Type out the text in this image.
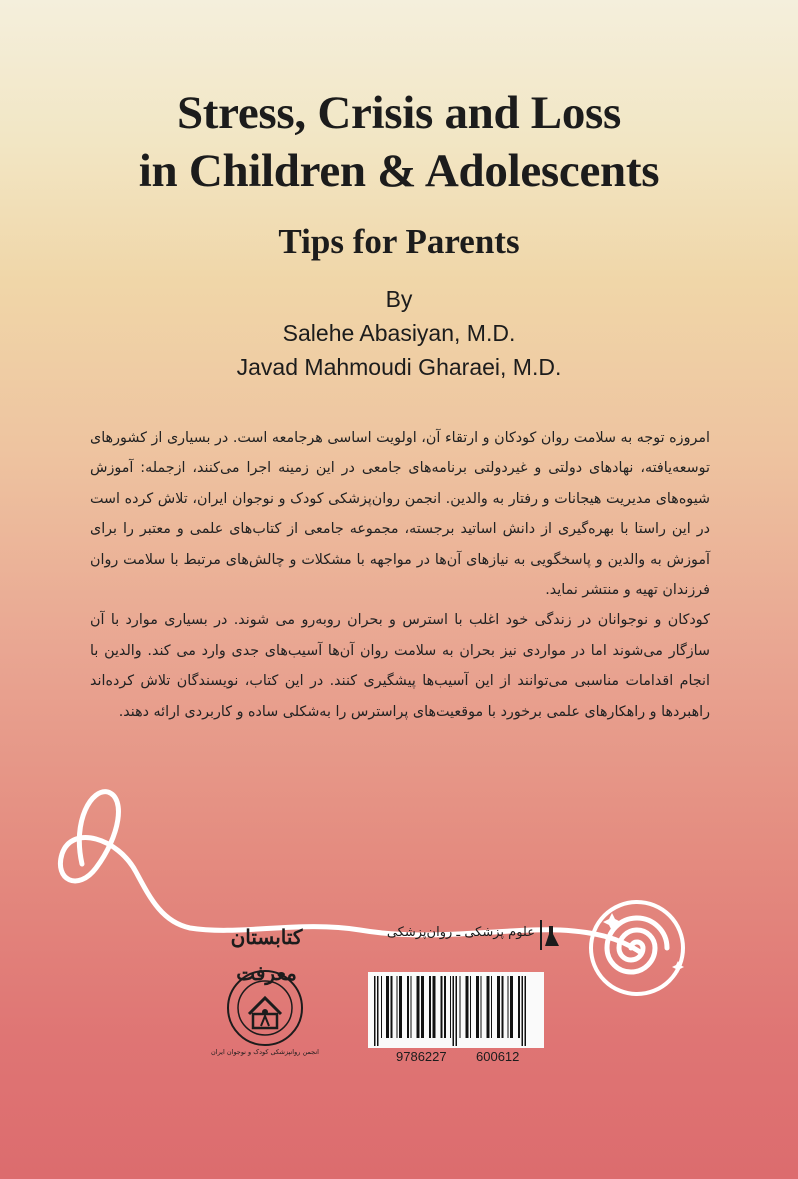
Stress, Crisis and Loss
in Children & Adolescents
Tips for Parents
By
Salehe Abasiyan, M.D.
Javad Mahmoudi Gharaei, M.D.

امروزه توجه به سلامت روان کودکان و ارتقاء آن، اولویت اساسی هرجامعه است. در بسیاری از کشورهای توسعه‌یافته، نهادهای دولتی و غیردولتی برنامه‌های جامعی در این زمینه اجرا می‌کنند، ازجمله: آموزش شیوه‌های مدیریت هیجانات و رفتار به والدین. انجمن روان‌پزشکی کودک و نوجوان ایران، تلاش کرده است در این راستا با بهره‌گیری از دانش اساتید برجسته، مجموعه جامعی از کتاب‌های علمی و معتبر را برای آموزش به والدین و پاسخگویی به نیازهای آن‌ها در مواجهه با مشکلات و چالش‌های مرتبط با سلامت روان فرزندان تهیه و منتشر نماید.

کودکان و نوجوانان در زندگی خود اغلب با استرس و بحران روبه‌رو می شوند. در بسیاری موارد با آن سازگار می‌شوند اما در مواردی نیز بحران به سلامت روان آن‌ها آسیب‌های جدی وارد می کند. والدین با انجام اقدامات مناسبی می‌توانند از این آسیب‌ها پیشگیری کنند. در این کتاب، نویسندگان تلاش کرده‌اند راهبردها و راهکارهای علمی برخورد با موقعیت‌های پراسترس را به‌شکلی ساده و کاربردی ارائه دهند.

کتابستان معرفت
علوم پزشکی ـ روان‌پزشکی
9786227 600612
انجمن روانپزشکی کودک و نوجوان ایران
